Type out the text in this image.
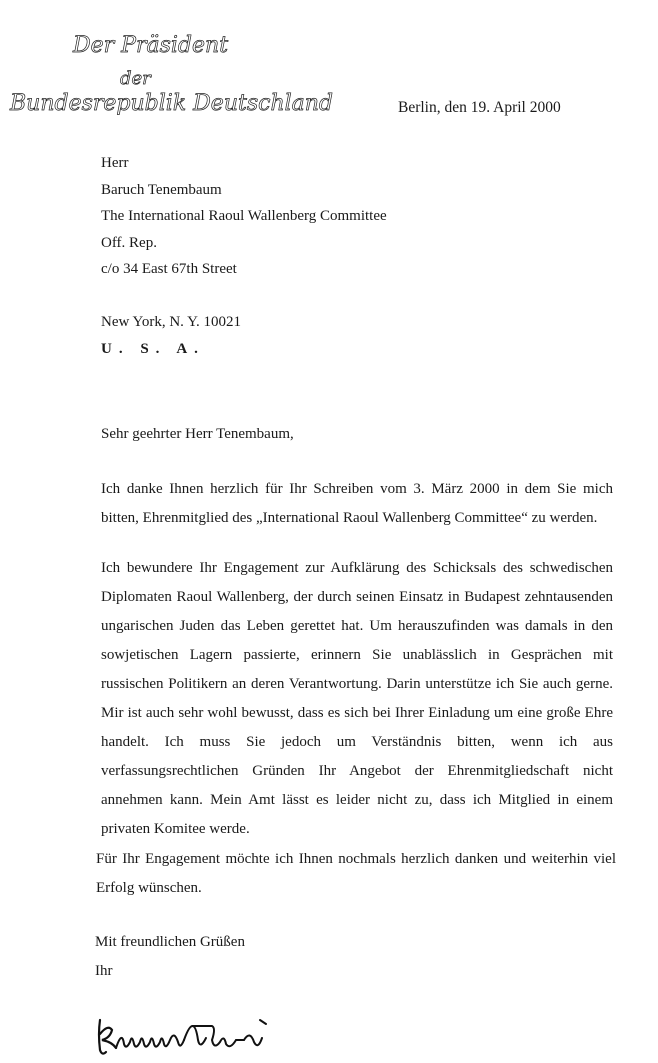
Der Präsident
der
Bundesrepublik Deutschland	Berlin, den 19. April 2000
Herr
Baruch Tenembaum
The International Raoul Wallenberg Committee
Off. Rep.
c/o 34 East 67th Street
New York, N. Y. 10021
U. S. A.
Sehr geehrter Herr Tenembaum,
Ich danke Ihnen herzlich für Ihr Schreiben vom 3. März 2000 in dem Sie mich bitten, Ehrenmitglied des „International Raoul Wallenberg Committee“ zu werden.
Ich bewundere Ihr Engagement zur Aufklärung des Schicksals des schwedischen Diplomaten Raoul Wallenberg, der durch seinen Einsatz in Budapest zehntausenden ungarischen Juden das Leben gerettet hat. Um herauszufinden was damals in den sowjetischen Lagern passierte, erinnern Sie unablässlich in Gesprächen mit russischen Politikern an deren Verantwortung. Darin unterstütze ich Sie auch gerne. Mir ist auch sehr wohl bewusst, dass es sich bei Ihrer Einladung um eine große Ehre handelt. Ich muss Sie jedoch um Verständnis bitten, wenn ich aus verfassungsrechtlichen Gründen Ihr Angebot der Ehrenmitgliedschaft nicht annehmen kann. Mein Amt lässt es leider nicht zu, dass ich Mitglied in einem privaten Komitee werde.
Für Ihr Engagement möchte ich Ihnen nochmals herzlich danken und weiterhin viel Erfolg wünschen.
Mit freundlichen Grüßen
Ihr
